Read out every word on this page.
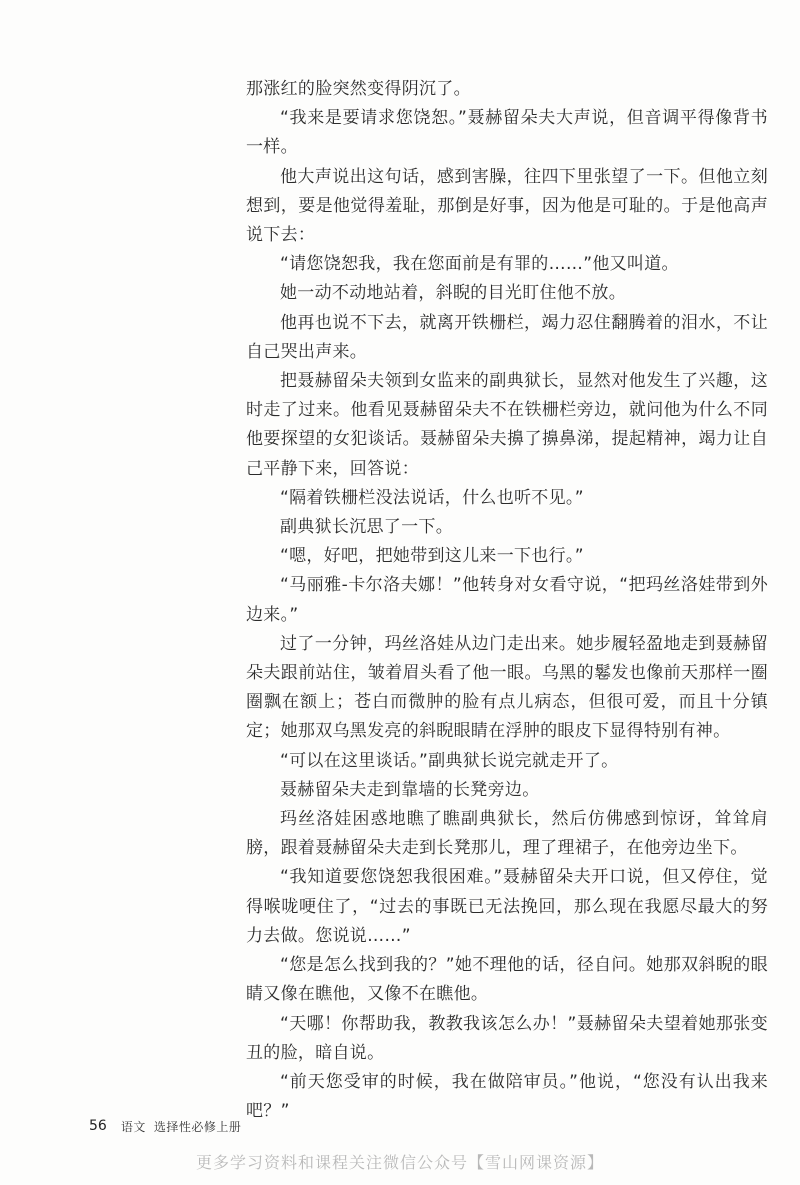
那涨红的脸突然变得阴沉了。

“我来是要请求您饶恕。”聂赫留朵夫大声说，但音调平得像背书一样。

他大声说出这句话，感到害臊，往四下里张望了一下。但他立刻想到，要是他觉得羞耻，那倒是好事，因为他是可耻的。于是他高声说下去：

“请您饶恕我，我在您面前是有罪的……”他又叫道。

她一动不动地站着，斜睨的目光盯住他不放。

他再也说不下去，就离开铁栅栏，竭力忍住翻腾着的泪水，不让自己哭出声来。

把聂赫留朵夫领到女监来的副典狱长，显然对他发生了兴趣，这时走了过来。他看见聂赫留朵夫不在铁栅栏旁边，就问他为什么不同他要探望的女犯谈话。聂赫留朵夫擤了擤鼻涕，提起精神，竭力让自己平静下来，回答说：

“隔着铁栅栏没法说话，什么也听不见。”

副典狱长沉思了一下。

“嗯，好吧，把她带到这儿来一下也行。”

“马丽雅-卡尔洛夫娜！”他转身对女看守说，“把玛丝洛娃带到外边来。”

过了一分钟，玛丝洛娃从边门走出来。她步履轻盈地走到聂赫留朵夫跟前站住，皱着眉头看了他一眼。乌黑的鬈发也像前天那样一圈圈飘在额上；苍白而微肿的脸有点儿病态，但很可爱，而且十分镇定；她那双乌黑发亮的斜睨眼睛在浮肿的眼皮下显得特别有神。

“可以在这里谈话。”副典狱长说完就走开了。

聂赫留朵夫走到靠墙的长凳旁边。

玛丝洛娃困惑地瞧了瞧副典狱长，然后仿佛感到惊讶，耸耸肩膀，跟着聂赫留朵夫走到长凳那儿，理了理裙子，在他旁边坐下。

“我知道要您饶恕我很困难。”聂赫留朵夫开口说，但又停住，觉得喉咙哽住了，“过去的事既已无法挽回，那么现在我愿尽最大的努力去做。您说说……”

“您是怎么找到我的？”她不理他的话，径自问。她那双斜睨的眼睛又像在瞧他，又像不在瞧他。

“天哪！你帮助我，教教我该怎么办！”聂赫留朵夫望着她那张变丑的脸，暗自说。

“前天您受审的时候，我在做陪审员。”他说，“您没有认出我来吧？”

56 语文 选择性必修上册
更多学习资料和课程关注微信公众号【雪山网课资源】
